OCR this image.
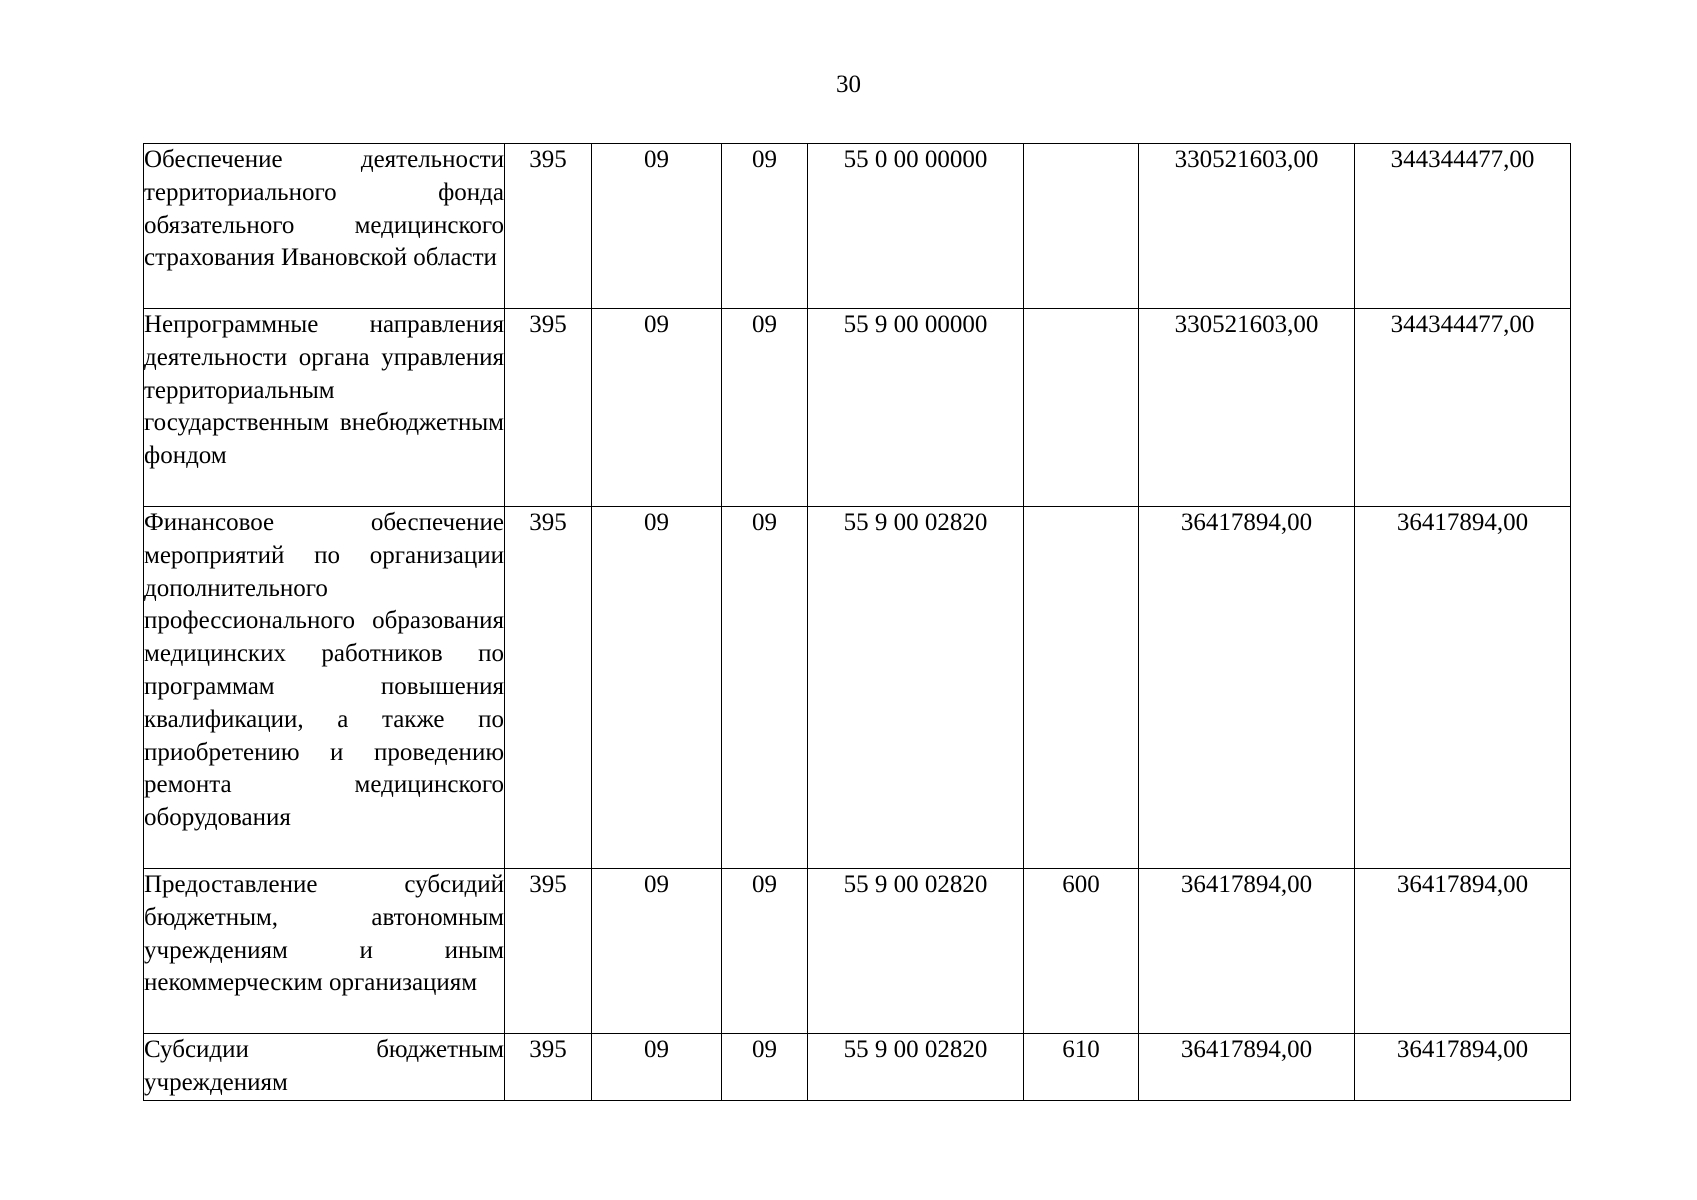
30
Обеспечение деятельности территориального фонда обязательного медицинского страхования Ивановской области	395	09	09	55 0 00 00000		330521603,00	344344477,00
Непрограммные направления деятельности органа управления территориальным государственным внебюджетным фондом	395	09	09	55 9 00 00000		330521603,00	344344477,00
Финансовое обеспечение мероприятий по организации дополнительного профессионального образования медицинских работников по программам повышения квалификации, а также по приобретению и проведению ремонта медицинского оборудования	395	09	09	55 9 00 02820		36417894,00	36417894,00
Предоставление субсидий бюджетным, автономным учреждениям и иным некоммерческим организациям	395	09	09	55 9 00 02820	600	36417894,00	36417894,00
Субсидии бюджетным учреждениям	395	09	09	55 9 00 02820	610	36417894,00	36417894,00
